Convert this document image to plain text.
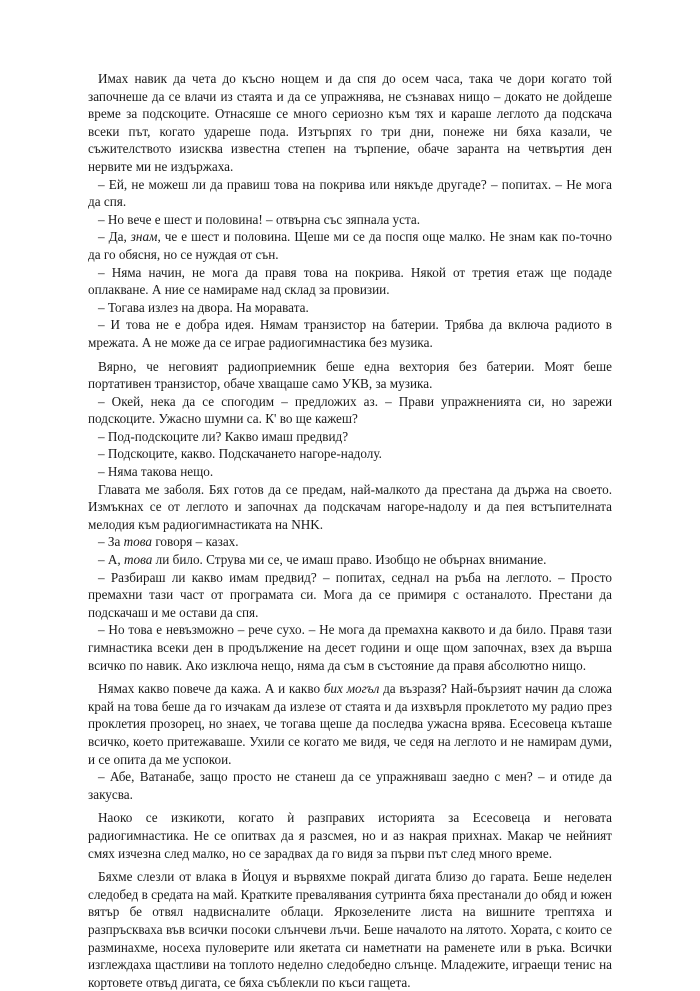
Имах навик да чета до късно нощем и да спя до осем часа, така че дори когато той започнеше да се влачи из стаята и да се упражнява, не съзнавах нищо – докато не дойдеше време за подскоците. Отнасяше се много сериозно към тях и караше леглото да подскача всеки път, когато удареше пода. Изтърпях го три дни, понеже ни бяха казали, че съжителството изисква известна степен на търпение, обаче заранта на четвъртия ден нервите ми не издържаха.

– Ей, не можеш ли да правиш това на покрива или някъде другаде? – попитах. – Не мога да спя.

– Но вече е шест и половина! – отвърна със зяпнала уста.

– Да, знам, че е шест и половина. Щеше ми се да поспя още малко. Не знам как по-точно да го обясня, но се нуждая от сън.

– Няма начин, не мога да правя това на покрива. Някой от третия етаж ще подаде оплакване. А ние се намираме над склад за провизии.

– Тогава излез на двора. На моравата.

– И това не е добра идея. Нямам транзистор на батерии. Трябва да включа радиото в мрежата. А не може да се играе радиогимнастика без музика.

Вярно, че неговият радиоприемник беше една вехтория без батерии. Моят беше портативен транзистор, обаче хващаше само УКВ, за музика.

– Окей, нека да се спогодим – предложих аз. – Прави упражненията си, но зарежи подскоците. Ужасно шумни са. К' во ще кажеш?

– Под-подскоците ли? Какво имаш предвид?

– Подскоците, какво. Подскачането нагоре-надолу.

– Няма такова нещо.

Главата ме заболя. Бях готов да се предам, най-малкото да престана да държа на своето. Измъкнах се от леглото и започнах да подскачам нагоре-надолу и да пея встъпителната мелодия към радиогимнастиката на NHK.

– За това говоря – казах.

– А, това ли било. Струва ми се, че имаш право. Изобщо не обърнах внимание.

– Разбираш ли какво имам предвид? – попитах, седнал на ръба на леглото. – Просто премахни тази част от програмата си. Мога да се примиря с останалото. Престани да подскачаш и ме остави да спя.

– Но това е невъзможно – рече сухо. – Не мога да премахна каквото и да било. Правя тази гимнастика всеки ден в продължение на десет години и още щом започнах, взех да върша всичко по навик. Ако изключа нещо, няма да съм в състояние да правя абсолютно нищо.

Нямах какво повече да кажа. А и какво бих могъл да възразя? Най-бързият начин да сложа край на това беше да го изчакам да излезе от стаята и да изхвърля проклетото му радио през проклетия прозорец, но знаех, че тогава щеше да последва ужасна врява. Есесовеца къташе всичко, което притежаваше. Ухили се когато ме видя, че седя на леглото и не намирам думи, и се опита да ме успокои.

– Абе, Ватанабе, защо просто не станеш да се упражняваш заедно с мен? – и отиде да закусва.

Наоко се изкикоти, когато ѝ разправих историята за Есесовеца и неговата радиогимнастика. Не се опитвах да я разсмея, но и аз накрая прихнах. Макар че нейният смях изчезна след малко, но се зарадвах да го видя за първи път след много време.

Бяхме слезли от влака в Йоцуя и вървяхме покрай дигата близо до гарата. Беше неделен следобед в средата на май. Кратките превалявания сутринта бяха престанали до обяд и южен вятър бе отвял надвисналите облаци. Яркозелените листа на вишните трептяха и разпръскваха във всички посоки слънчеви лъчи. Беше началото на лятото. Хората, с които се разминахме, носеха пуловерите или якетата си наметнати на раменете или в ръка. Всички изглеждаха щастливи на топлото неделно следобедно слънце. Младежите, играещи тенис на кортовете отвъд дигата, се бяха съблекли по къси гащета.
